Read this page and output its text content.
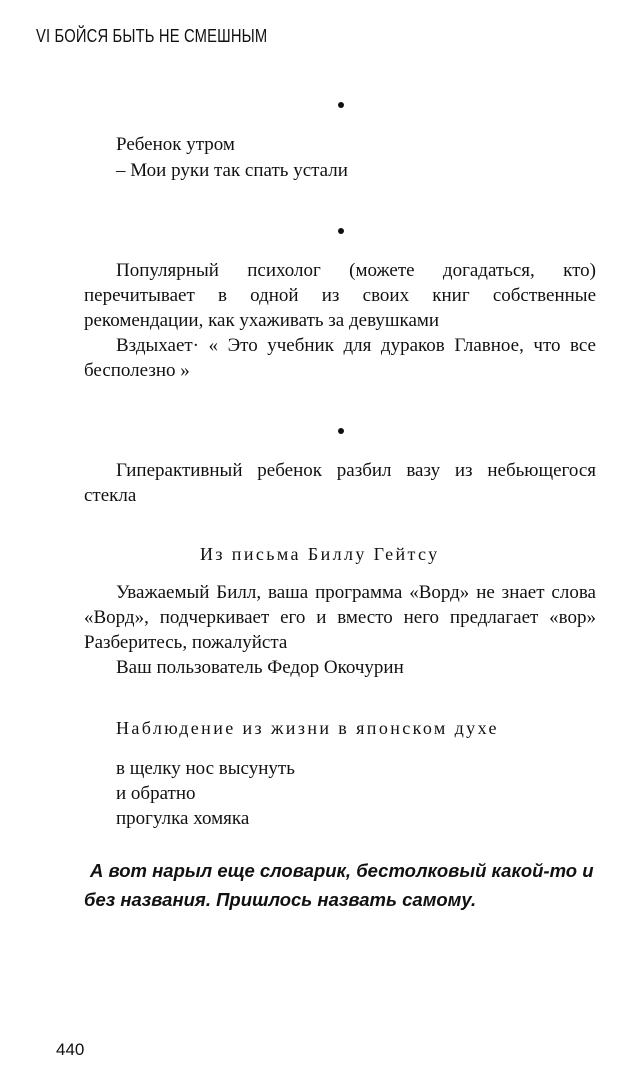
VI БОЙСЯ БЫТЬ НЕ СМЕШНЫМ
Ребенок утром
– Мои руки так спать устали

Популярный психолог (можете догадаться, кто) перечитывает в одной из своих книг собственные рекомендации, как ухаживать за девушками

Вздыхает· « Это учебник для дураков Главное, что все бесполезно »

Гиперактивный ребенок разбил вазу из небьющегося стекла

Из письма Биллу Гейтсу

Уважаемый Билл, ваша программа «Ворд» не знает слова «Ворд», подчеркивает его и вместо него предлагает «вор» Разберитесь, пожалуйста

Ваш пользователь Федор Окочурин

Наблюдение из жизни в японском духе
в щелку нос высунуть
и обратно
прогулка хомяка

А вот нарыл еще словарик, бестолковый какой-то и без названия. Пришлось назвать самому.

440
